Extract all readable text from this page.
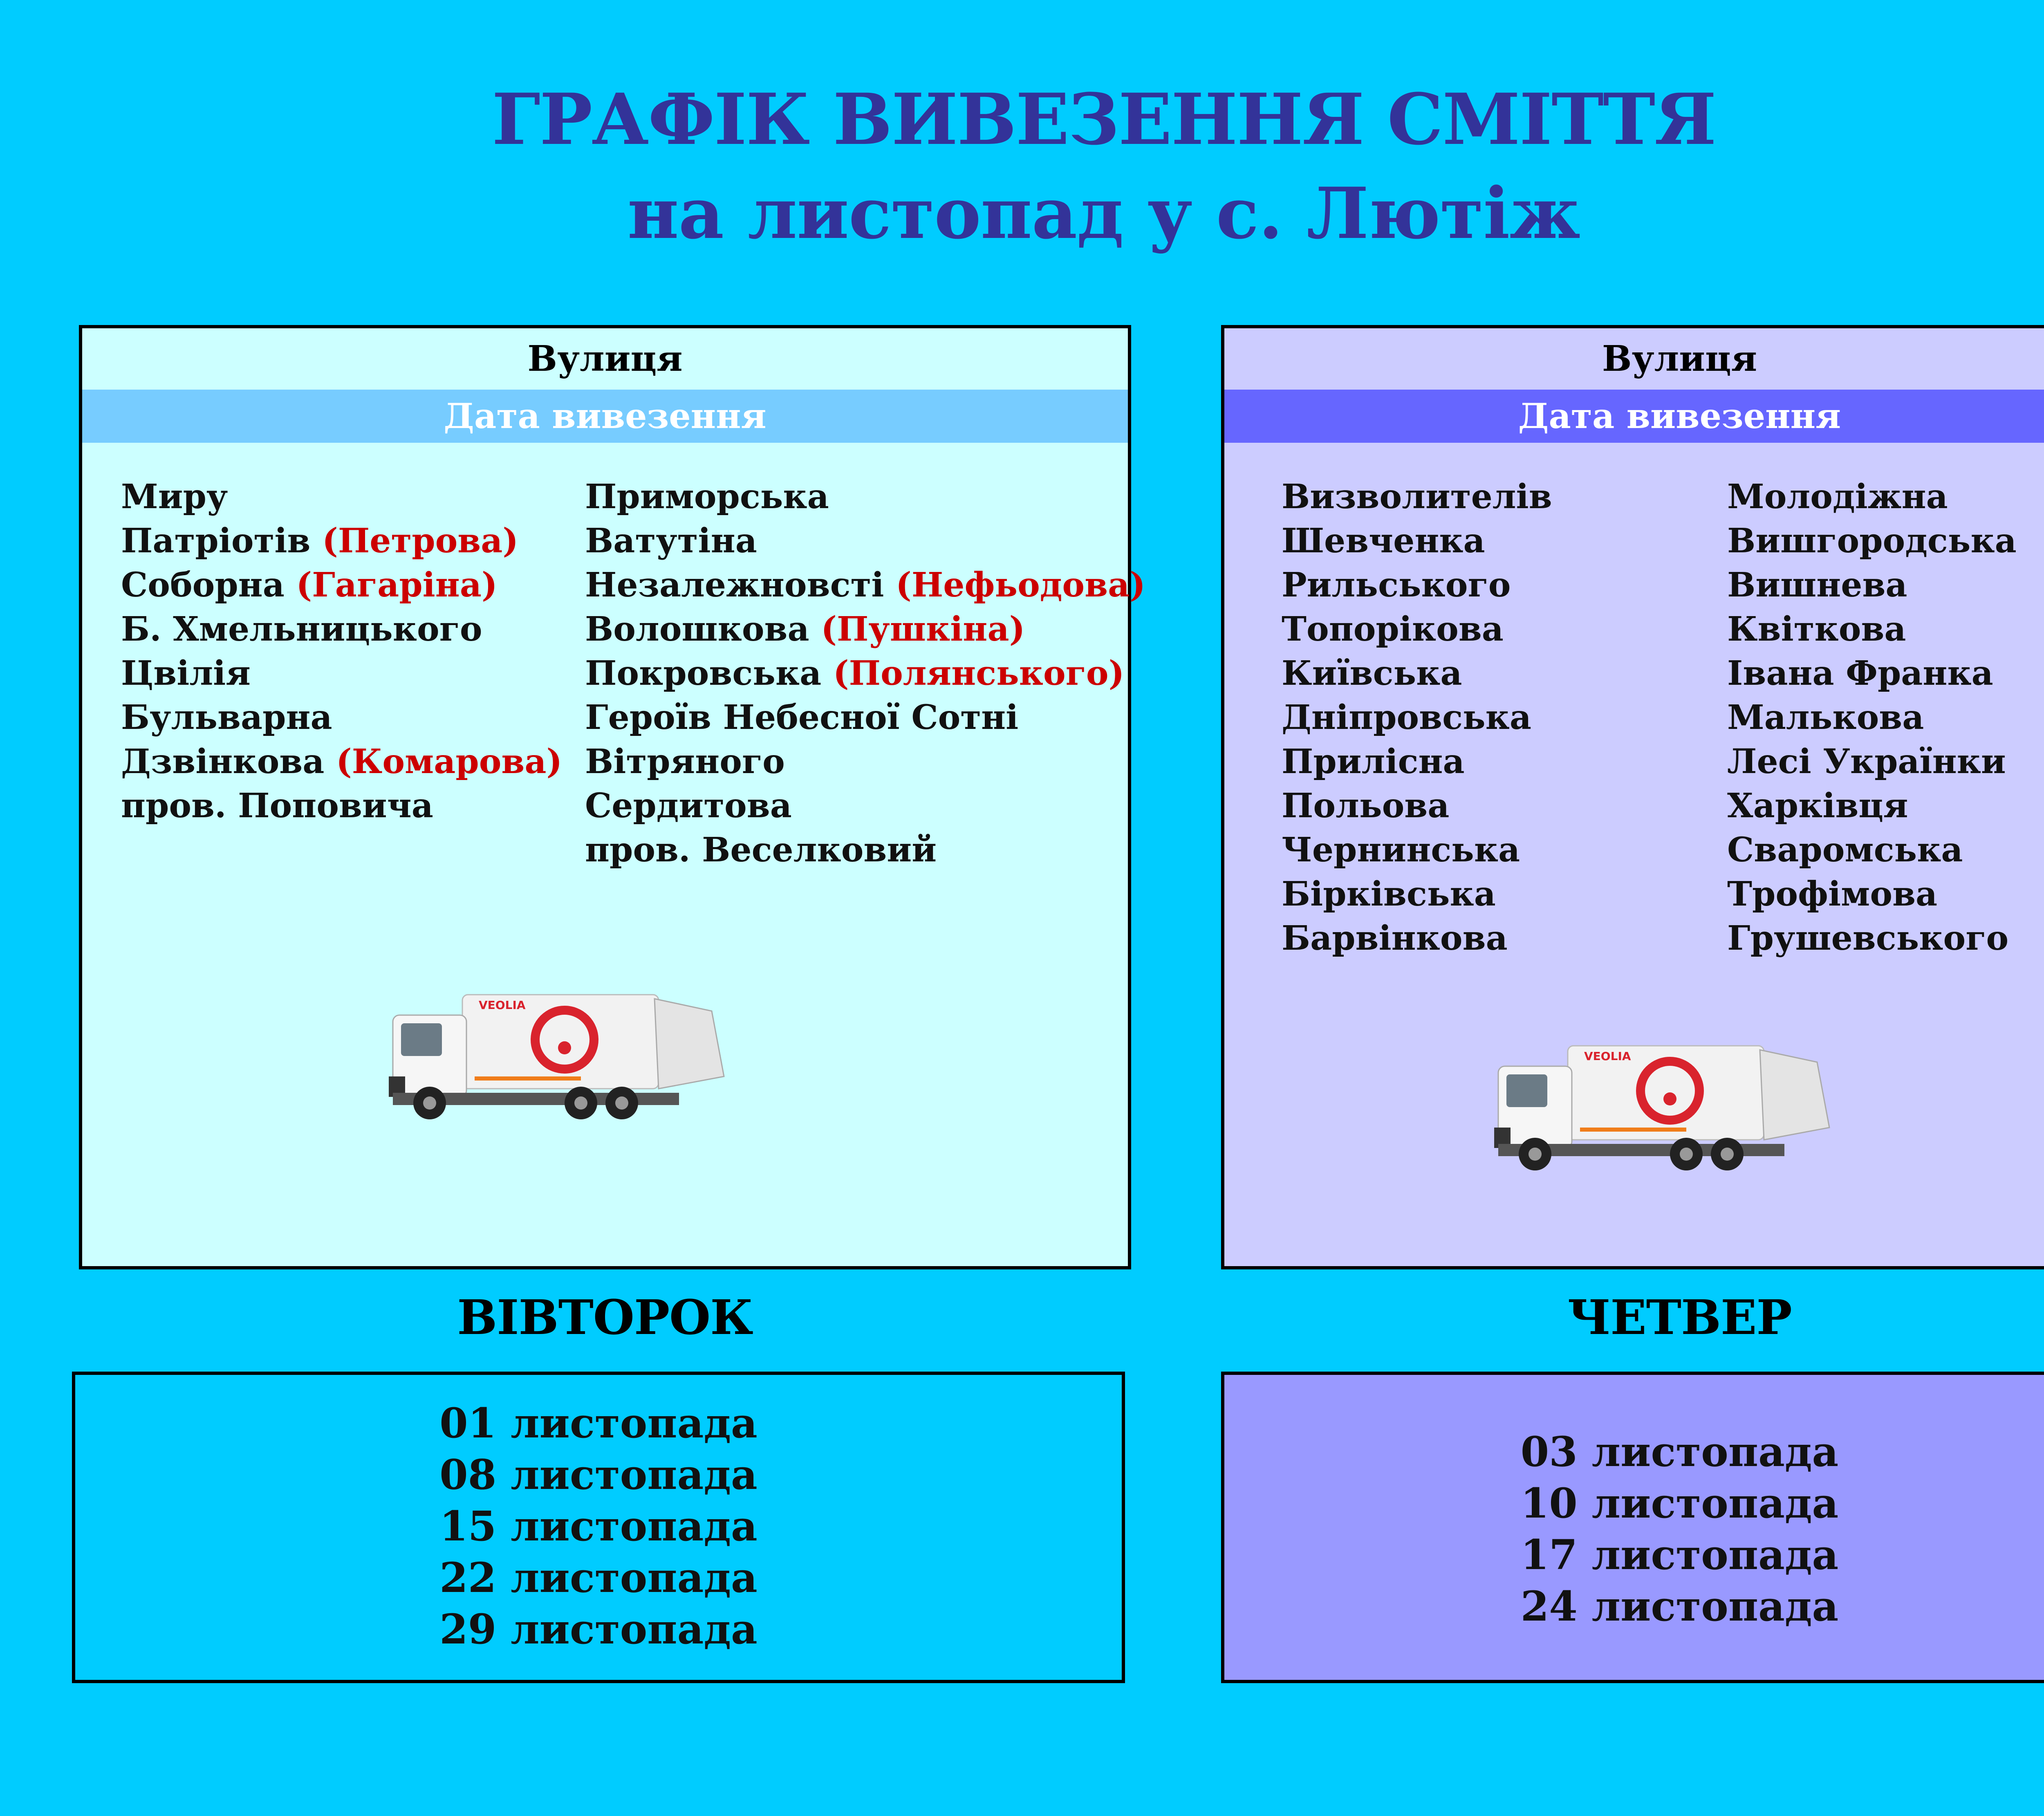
ГРАФІК ВИВЕЗЕННЯ СМІТТЯ
на листопад у с. Лютіж
Вулиця
Дата вивезення
Миру
Патріотів (Петрова)
Соборна (Гагаріна)
Б. Хмельницького
Цвілія
Бульварна
Дзвінкова (Комарова)
пров. Поповича
Приморська
Ватутіна
Незалежновсті (Нефьодова)
Волошкова (Пушкіна)
Покровська (Полянського)
Героїв Небесної Сотні
Вітряного
Сердитова
пров. Веселковий
VEOLIA
Вулиця
Дата вивезення
Визволителів
Шевченка
Рильського
Топорікова
Київська
Дніпровська
Прилісна
Польова
Чернинська
Бірківська
Барвінкова
Молодіжна
Вишгородська
Вишнева
Квіткова
Івана Франка
Малькова
Лесі Українки
Харківця
Сваромська
Трофімова
Грушевського
VEOLIA
ВІВТОРОК	ЧЕТВЕР
01 листопада
08 листопада
15 листопада
22 листопада
29 листопада
03 листопада
10 листопада
17 листопада
24 листопада
